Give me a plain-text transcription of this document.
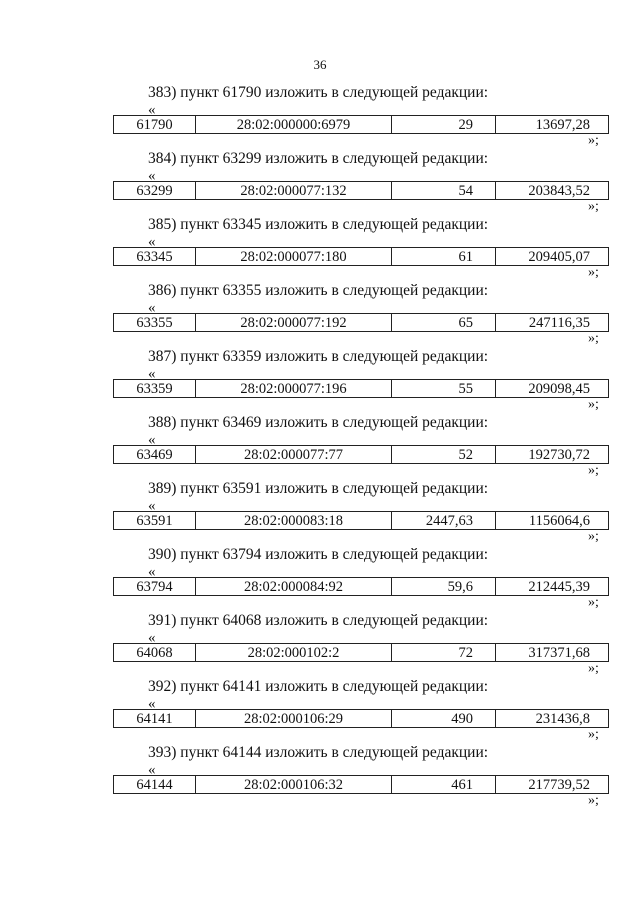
36
383) пункт 61790 изложить в следующей редакции:
«
61790	28:02:000000:6979	29	13697,28
»;
384) пункт 63299 изложить в следующей редакции:
«
63299	28:02:000077:132	54	203843,52
»;
385) пункт 63345 изложить в следующей редакции:
«
63345	28:02:000077:180	61	209405,07
»;
386) пункт 63355 изложить в следующей редакции:
«
63355	28:02:000077:192	65	247116,35
»;
387) пункт 63359 изложить в следующей редакции:
«
63359	28:02:000077:196	55	209098,45
»;
388) пункт 63469 изложить в следующей редакции:
«
63469	28:02:000077:77	52	192730,72
»;
389) пункт 63591 изложить в следующей редакции:
«
63591	28:02:000083:18	2447,63	1156064,6
»;
390) пункт 63794 изложить в следующей редакции:
«
63794	28:02:000084:92	59,6	212445,39
»;
391) пункт 64068 изложить в следующей редакции:
«
64068	28:02:000102:2	72	317371,68
»;
392) пункт 64141 изложить в следующей редакции:
«
64141	28:02:000106:29	490	231436,8
»;
393) пункт 64144 изложить в следующей редакции:
«
64144	28:02:000106:32	461	217739,52
»;
